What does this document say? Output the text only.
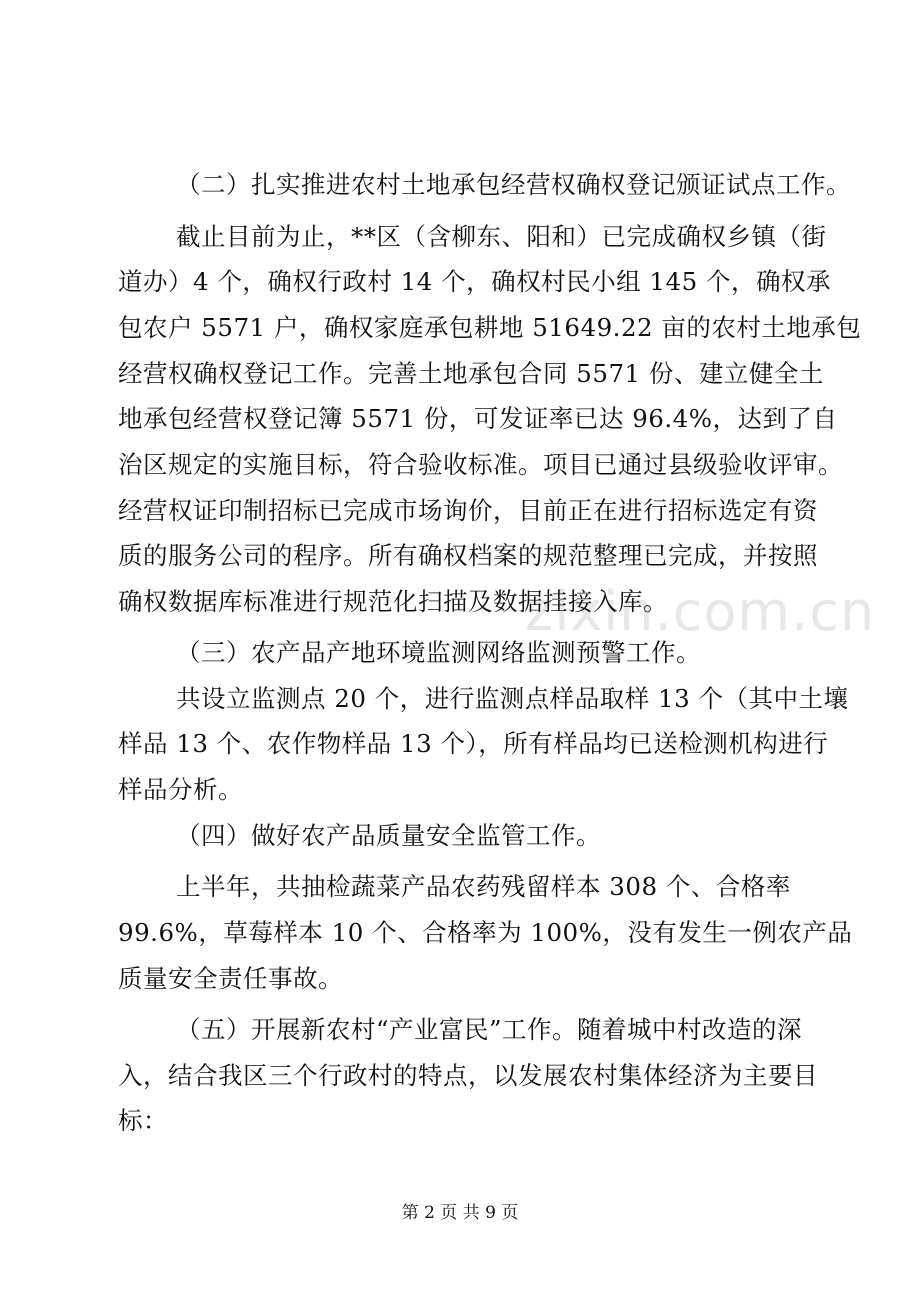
zixin.com.cn

（二）扎实推进农村土地承包经营权确权登记颁证试点工作。

截止目前为止，**区（含柳东、阳和）已完成确权乡镇（街

道办）4 个，确权行政村 14 个，确权村民小组 145 个，确权承

包农户 5571 户，确权家庭承包耕地 51649.22 亩的农村土地承包

经营权确权登记工作。完善土地承包合同 5571 份、建立健全土

地承包经营权登记簿 5571 份，可发证率已达 96.4%，达到了自

治区规定的实施目标，符合验收标准。项目已通过县级验收评审。

经营权证印制招标已完成市场询价，目前正在进行招标选定有资

质的服务公司的程序。所有确权档案的规范整理已完成，并按照

确权数据库标准进行规范化扫描及数据挂接入库。

（三）农产品产地环境监测网络监测预警工作。

共设立监测点 20 个，进行监测点样品取样 13 个（其中土壤

样品 13 个、农作物样品 13 个），所有样品均已送检测机构进行

样品分析。

（四）做好农产品质量安全监管工作。

上半年，共抽检蔬菜产品农药残留样本 308 个、合格率

99.6%，草莓样本 10 个、合格率为 100%，没有发生一例农产品

质量安全责任事故。

（五）开展新农村“产业富民”工作。随着城中村改造的深

入，结合我区三个行政村的特点，以发展农村集体经济为主要目

标：

第 2 页 共 9 页
